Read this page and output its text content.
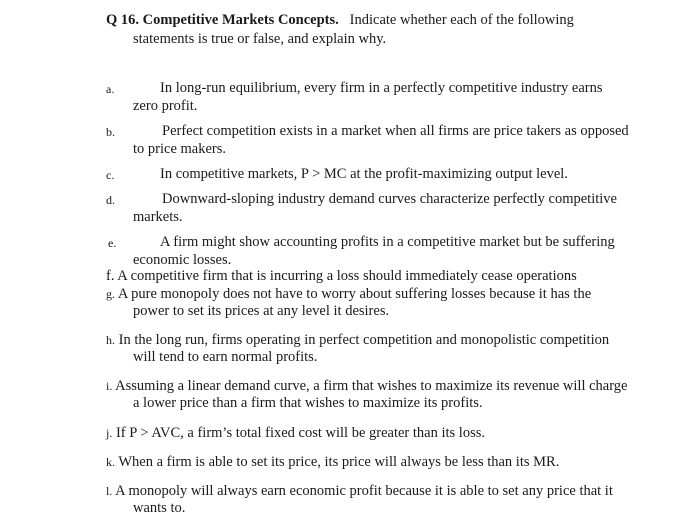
Q 16. Competitive Markets Concepts. Indicate whether each of the following
statements is true or false, and explain why.
a.	In long-run equilibrium, every firm in a perfectly competitive industry earns
zero profit.
b.	Perfect competition exists in a market when all firms are price takers as opposed
to price makers.
c.	In competitive markets, P > MC at the profit-maximizing output level.
d.	Downward-sloping industry demand curves characterize perfectly competitive
markets.
e.	A firm might show accounting profits in a competitive market but be suffering
economic losses.
f. A competitive firm that is incurring a loss should immediately cease operations
g. A pure monopoly does not have to worry about suffering losses because it has the
power to set its prices at any level it desires.
h. In the long run, firms operating in perfect competition and monopolistic competition
will tend to earn normal profits.
i. Assuming a linear demand curve, a firm that wishes to maximize its revenue will charge
a lower price than a firm that wishes to maximize its profits.
j. If P > AVC, a firm’s total fixed cost will be greater than its loss.
k. When a firm is able to set its price, its price will always be less than its MR.
l. A monopoly will always earn economic profit because it is able to set any price that it
wants to.
